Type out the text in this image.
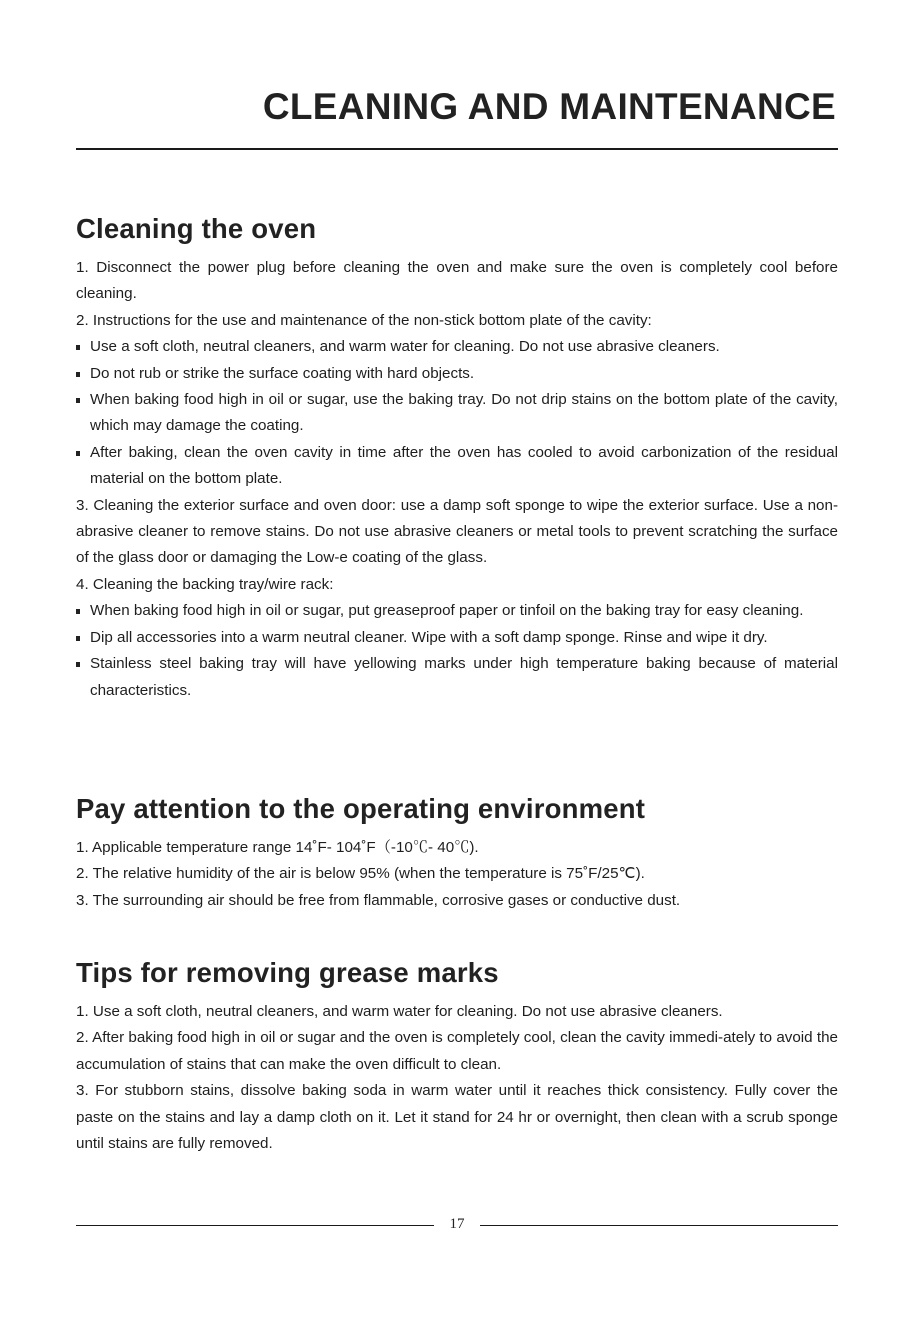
CLEANING AND MAINTENANCE
Cleaning the oven

1. Disconnect the power plug before cleaning the oven and make sure the oven is completely cool before cleaning.

2. Instructions for the use and maintenance of the non-stick bottom plate of the cavity:

Use a soft cloth, neutral cleaners, and warm water for cleaning. Do not use abrasive cleaners.

Do not rub or strike the surface coating with hard objects.

When baking food high in oil or sugar, use the baking tray. Do not drip stains on the bottom plate of the cavity, which may damage the coating.

After baking, clean the oven cavity in time after the oven has cooled to avoid carbonization of the residual material on the bottom plate.

3. Cleaning the exterior surface and oven door: use a damp soft sponge to wipe the exterior surface. Use a non-abrasive cleaner to remove stains. Do not use abrasive cleaners or metal tools to prevent scratching the surface of the glass door or damaging the Low-e coating of the glass.

4. Cleaning the backing tray/wire rack:

When baking food high in oil or sugar, put greaseproof paper or tinfoil on the baking tray for easy cleaning.

Dip all accessories into a warm neutral cleaner. Wipe with a soft damp sponge. Rinse and wipe it dry.

Stainless steel baking tray will have yellowing marks under high temperature baking because of material characteristics.

Pay attention to the operating environment

1. Applicable temperature range 14˚F- 104˚F（-10℃- 40℃).

2. The relative humidity of the air is below 95% (when the temperature is 75˚F/25℃).

3. The surrounding air should be free from flammable, corrosive gases or conductive dust.

Tips for removing grease marks

1. Use a soft cloth, neutral cleaners, and warm water for cleaning. Do not use abrasive cleaners.

2. After baking food high in oil or sugar and the oven is completely cool, clean the cavity immedi-ately to avoid the accumulation of stains that can make the oven difficult to clean.

3. For stubborn stains, dissolve baking soda in warm water until it reaches thick consistency. Fully cover the paste on the stains and lay a damp cloth on it. Let it stand for 24 hr or overnight, then clean with a scrub sponge until stains are fully removed.

17
